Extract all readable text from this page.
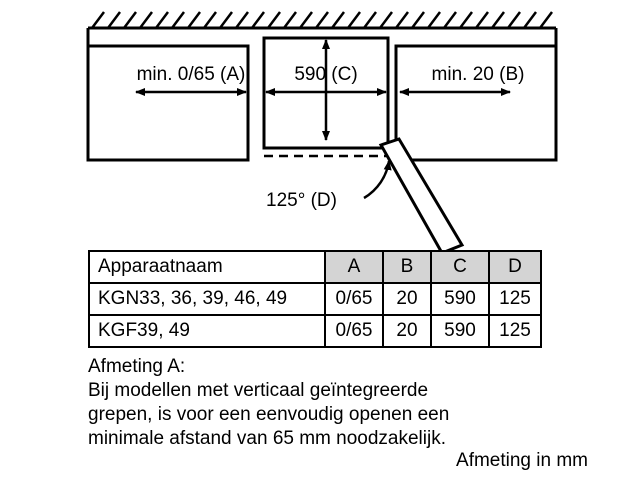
min. 0/65 (A)	min. 20 (B)
590 (C)
125° (D)
Apparaatnaam	A	B	C	D
KGN33, 36, 39, 46, 49	0/65	20	590	125
KGF39, 49	0/65	20	590	125
Afmeting A:
Bij modellen met verticaal geïntegreerde
grepen, is voor een eenvoudig openen een
minimale afstand van 65 mm noodzakelijk.
Afmeting in mm
